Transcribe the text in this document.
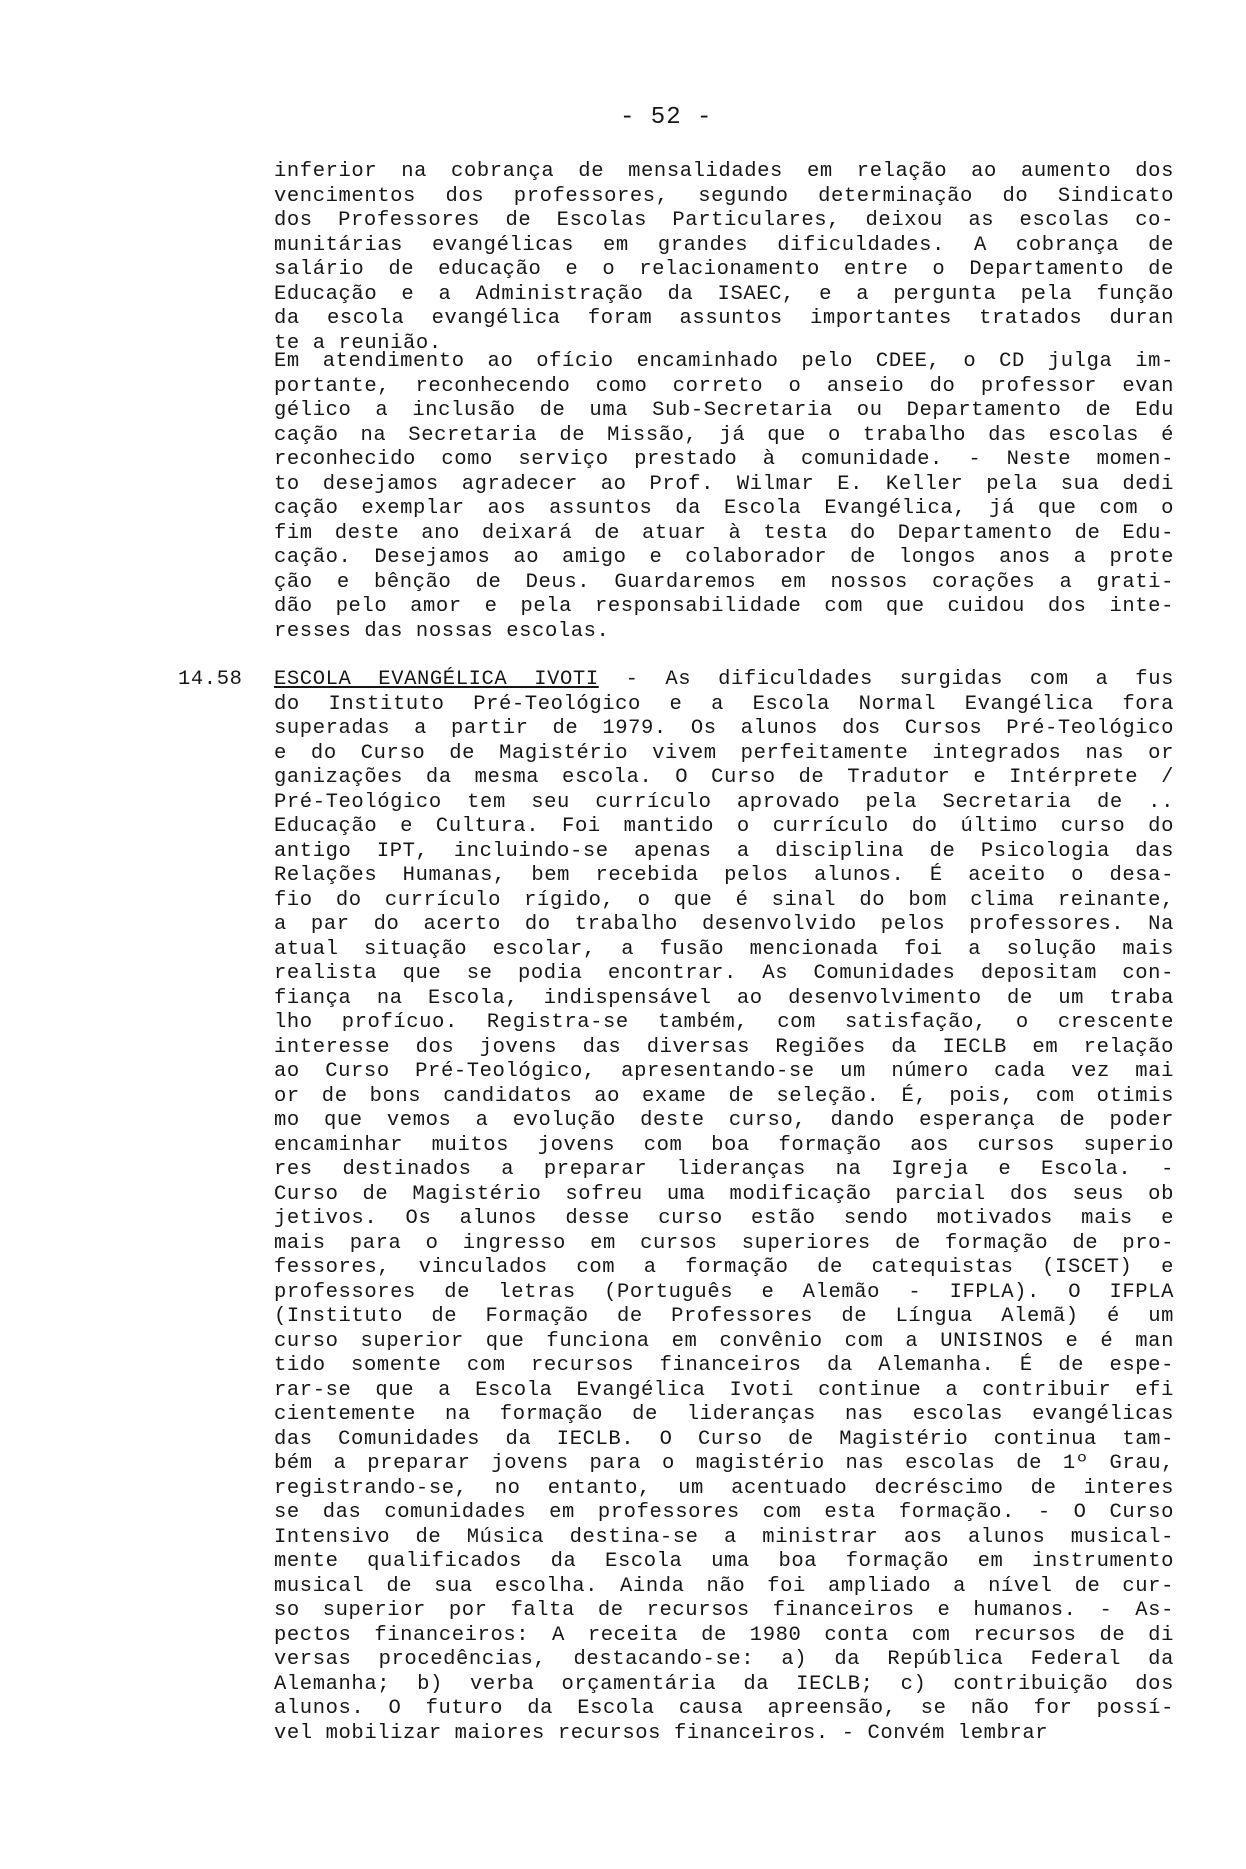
- 52 -
inferior na cobrança de mensalidades em relação ao aumento dos
vencimentos dos professores, segundo determinação do Sindicato
dos Professores de Escolas Particulares, deixou as escolas co-
munitárias evangélicas em grandes dificuldades. A cobrança de
salário de educação e o relacionamento entre o Departamento de
Educação e a Administração da ISAEC, e a pergunta pela função
da escola evangélica foram assuntos importantes tratados duran
te a reunião.
Em atendimento ao ofício encaminhado pelo CDEE, o CD julga im-
portante, reconhecendo como correto o anseio do professor evan
gélico a inclusão de uma Sub-Secretaria ou Departamento de Edu
cação na Secretaria de Missão, já que o trabalho das escolas é
reconhecido como serviço prestado à comunidade. - Neste momen-
to desejamos agradecer ao Prof. Wilmar E. Keller pela sua dedi
cação exemplar aos assuntos da Escola Evangélica, já que com o
fim deste ano deixará de atuar à testa do Departamento de Edu-
cação. Desejamos ao amigo e colaborador de longos anos a prote
ção e bênção de Deus. Guardaremos em nossos corações a grati-
dão pelo amor e pela responsabilidade com que cuidou dos inte-
resses das nossas escolas.
14.58 ESCOLA EVANGÉLICA IVOTI - As dificuldades surgidas com a fus
do Instituto Pré-Teológico e a Escola Normal Evangélica fora
superadas a partir de 1979. Os alunos dos Cursos Pré-Teológico
e do Curso de Magistério vivem perfeitamente integrados nas or
ganizações da mesma escola. O Curso de Tradutor e Intérprete /
Pré-Teológico tem seu currículo aprovado pela Secretaria de ..
Educação e Cultura. Foi mantido o currículo do último curso do
antigo IPT, incluindo-se apenas a disciplina de Psicologia das
Relações Humanas, bem recebida pelos alunos. É aceito o desa-
fio do currículo rígido, o que é sinal do bom clima reinante,
a par do acerto do trabalho desenvolvido pelos professores. Na
atual situação escolar, a fusão mencionada foi a solução mais
realista que se podia encontrar. As Comunidades depositam con-
fiança na Escola, indispensável ao desenvolvimento de um traba
lho profícuo. Registra-se também, com satisfação, o crescente
interesse dos jovens das diversas Regiões da IECLB em relação
ao Curso Pré-Teológico, apresentando-se um número cada vez mai
or de bons candidatos ao exame de seleção. É, pois, com otimis
mo que vemos a evolução deste curso, dando esperança de poder
encaminhar muitos jovens com boa formação aos cursos superio
res destinados a preparar lideranças na Igreja e Escola. -
Curso de Magistério sofreu uma modificação parcial dos seus ob
jetivos. Os alunos desse curso estão sendo motivados mais e
mais para o ingresso em cursos superiores de formação de pro-
fessores, vinculados com a formação de catequistas (ISCET) e
professores de letras (Português e Alemão - IFPLA). O IFPLA
(Instituto de Formação de Professores de Língua Alemã) é um
curso superior que funciona em convênio com a UNISINOS e é man
tido somente com recursos financeiros da Alemanha. É de espe-
rar-se que a Escola Evangélica Ivoti continue a contribuir efi
cientemente na formação de lideranças nas escolas evangélicas
das Comunidades da IECLB. O Curso de Magistério continua tam-
bém a preparar jovens para o magistério nas escolas de 1º Grau,
registrando-se, no entanto, um acentuado decréscimo de interes
se das comunidades em professores com esta formação. - O Curso
Intensivo de Música destina-se a ministrar aos alunos musical-
mente qualificados da Escola uma boa formação em instrumento
musical de sua escolha. Ainda não foi ampliado a nível de cur-
so superior por falta de recursos financeiros e humanos. - As-
pectos financeiros: A receita de 1980 conta com recursos de di
versas procedências, destacando-se: a) da República Federal da
Alemanha; b) verba orçamentária da IECLB; c) contribuição dos
alunos. O futuro da Escola causa apreensão, se não for possí-
vel mobilizar maiores recursos financeiros. - Convém lembrar
